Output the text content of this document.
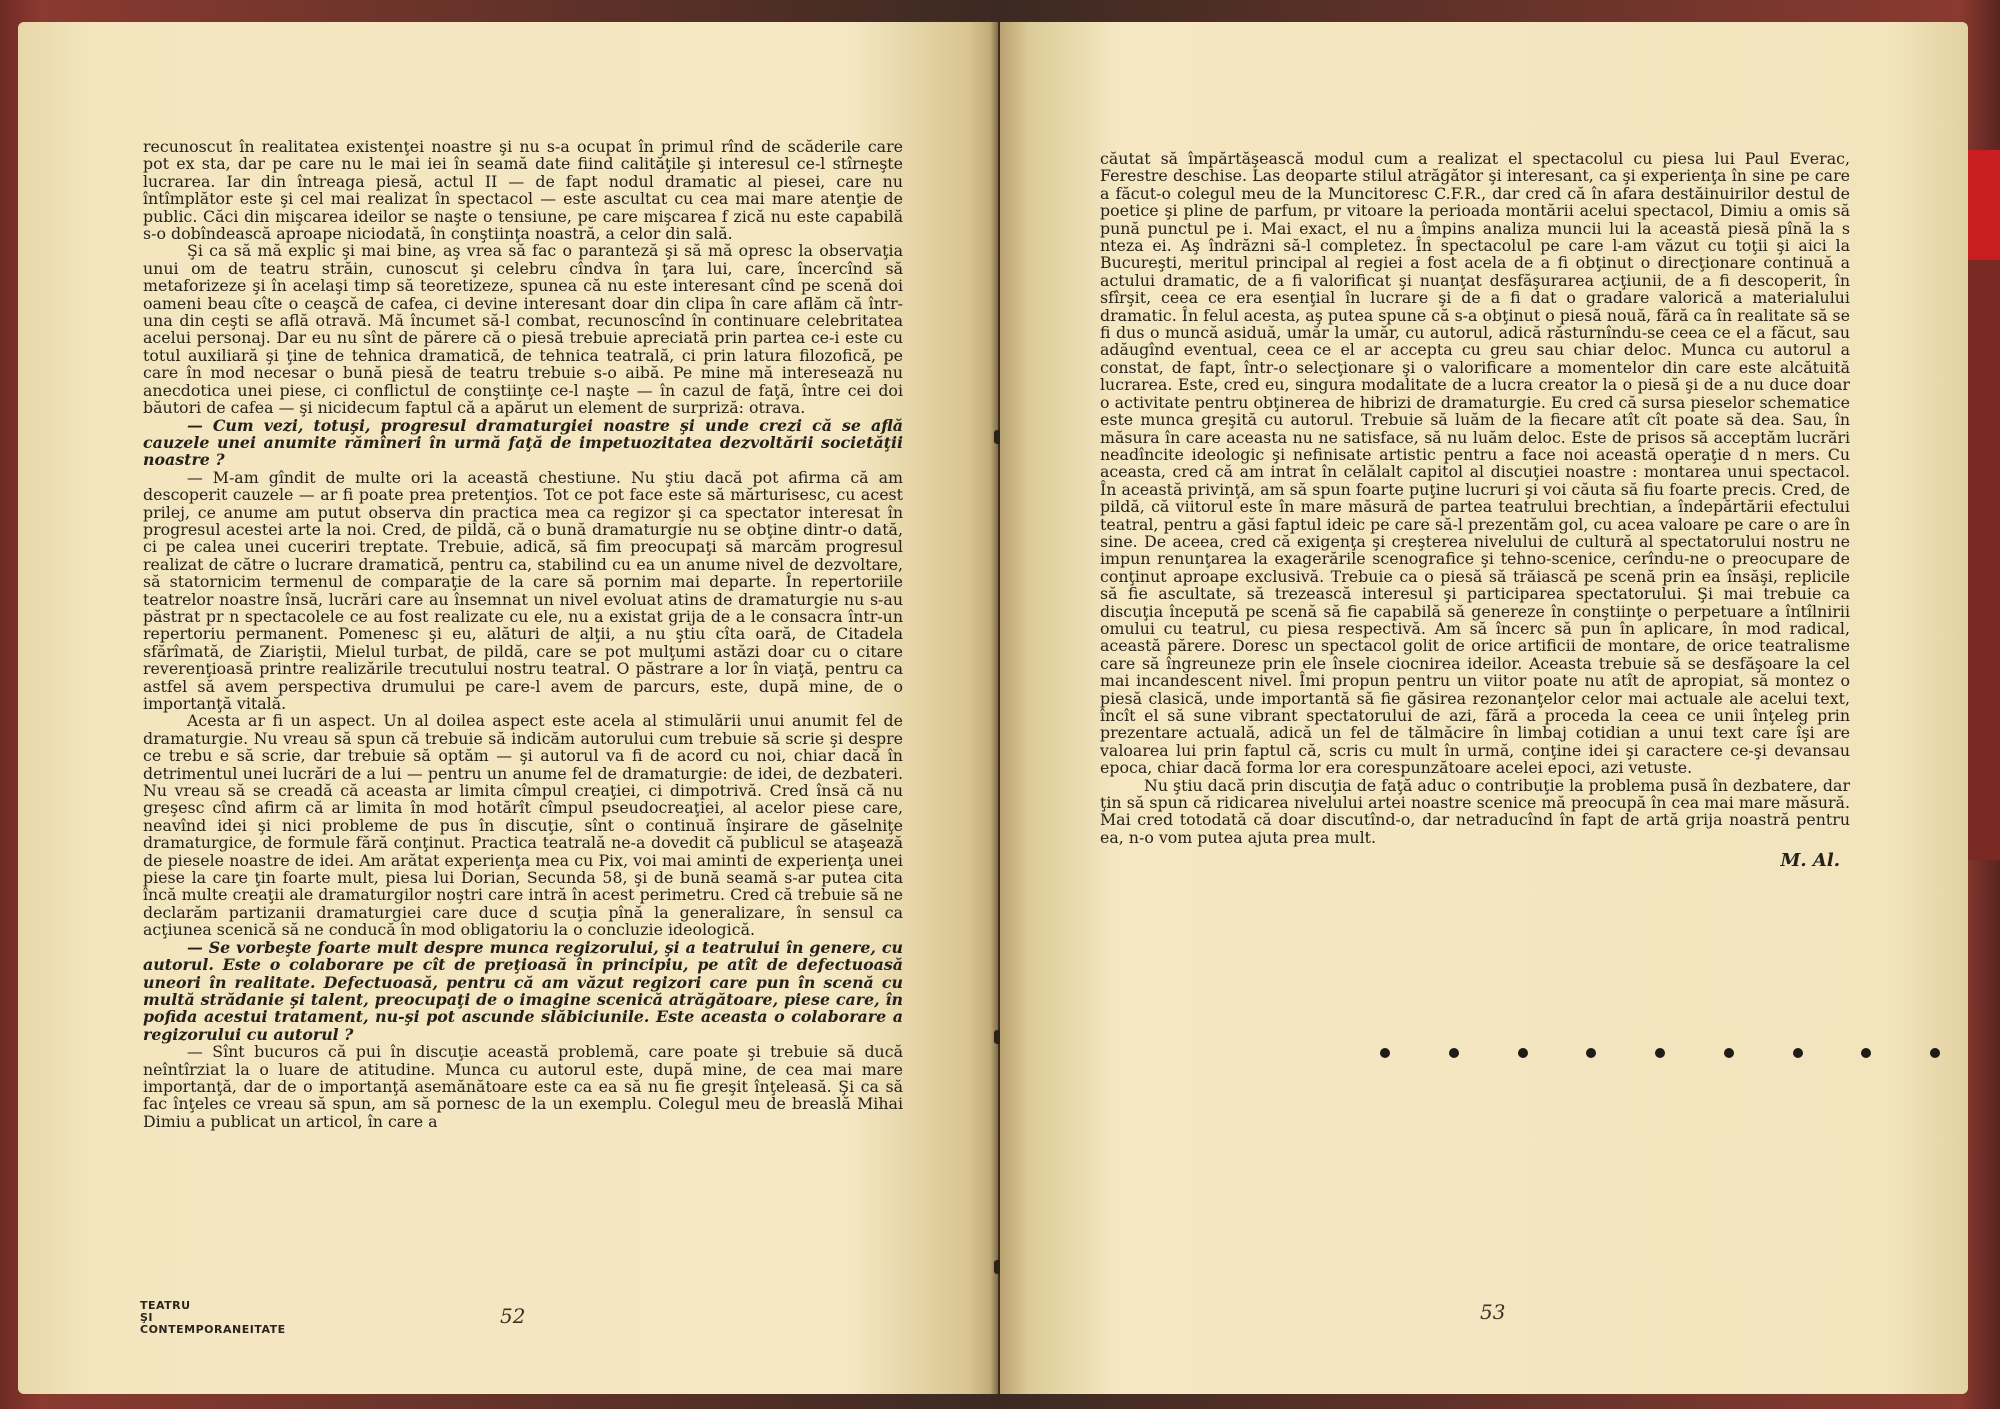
recunoscut în realitatea existenţei noastre şi nu s-a ocupat în primul rînd de scăderile care pot ex sta, dar pe care nu le mai iei în seamă date fiind calităţile şi interesul ce-l stîrneşte lucrarea. Iar din întreaga piesă, actul II — de fapt nodul dramatic al piesei, care nu întîmplător este şi cel mai realizat în spectacol — este ascultat cu cea mai mare atenţie de public. Căci din mişcarea ideilor se naşte o tensiune, pe care mişcarea f zică nu este capabilă s-o dobîndească aproape niciodată, în conştiinţa noastră, a celor din sală.

Şi ca să mă explic şi mai bine, aş vrea să fac o paranteză şi să mă opresc la observaţia unui om de teatru străin, cunoscut şi celebru cîndva în ţara lui, care, încercînd să metaforizeze şi în acelaşi timp să teoretizeze, spunea că nu este interesant cînd pe scenă doi oameni beau cîte o ceaşcă de cafea, ci devine interesant doar din clipa în care aflăm că într-una din ceşti se află otravă. Mă încumet să-l combat, recunoscînd în continuare celebritatea acelui personaj. Dar eu nu sînt de părere că o piesă trebuie apreciată prin partea ce-i este cu totul auxiliară şi ţine de tehnica dramatică, de tehnica teatrală, ci prin latura filozofică, pe care în mod necesar o bună piesă de teatru trebuie s-o aibă. Pe mine mă interesează nu anecdotica unei piese, ci conflictul de conştiinţe ce-l naşte — în cazul de faţă, între cei doi băutori de cafea — şi nicidecum faptul că a apărut un element de surpriză: otrava.

— Cum vezi, totuşi, progresul dramaturgiei noastre şi unde crezi că se află cauzele unei anumite rămîneri în urmă faţă de impetuozitatea dezvoltării societăţii noastre ?

— M-am gîndit de multe ori la această chestiune. Nu ştiu dacă pot afirma că am descoperit cauzele — ar fi poate prea pretenţios. Tot ce pot face este să mărturisesc, cu acest prilej, ce anume am putut observa din practica mea ca regizor şi ca spectator interesat în progresul acestei arte la noi. Cred, de pildă, că o bună dramaturgie nu se obţine dintr-o dată, ci pe calea unei cuceriri treptate. Trebuie, adică, să fim preocupaţi să marcăm progresul realizat de către o lucrare dramatică, pentru ca, stabilind cu ea un anume nivel de dezvoltare, să statornicim termenul de comparaţie de la care să pornim mai departe. În repertoriile teatrelor noastre însă, lucrări care au însemnat un nivel evoluat atins de dramaturgie nu s-au păstrat pr n spectacolele ce au fost realizate cu ele, nu a existat grija de a le consacra într-un repertoriu permanent. Pomenesc şi eu, alături de alţii, a nu ştiu cîta oară, de Citadela sfărîmată, de Ziariştii, Mielul turbat, de pildă, care se pot mulţumi astăzi doar cu o citare reverenţioasă printre realizările trecutului nostru teatral. O păstrare a lor în viaţă, pentru ca astfel să avem perspectiva drumului pe care-l avem de parcurs, este, după mine, de o importanţă vitală.

Acesta ar fi un aspect. Un al doilea aspect este acela al stimulării unui anumit fel de dramaturgie. Nu vreau să spun că trebuie să indicăm autorului cum trebuie să scrie şi despre ce trebu e să scrie, dar trebuie să optăm — şi autorul va fi de acord cu noi, chiar dacă în detrimentul unei lucrări de a lui — pentru un anume fel de dramaturgie: de idei, de dezbateri. Nu vreau să se creadă că aceasta ar limita cîmpul creaţiei, ci dimpotrivă. Cred însă că nu greşesc cînd afirm că ar limita în mod hotărît cîmpul pseudocreaţiei, al acelor piese care, neavînd idei şi nici probleme de pus în discuţie, sînt o continuă înşirare de găselniţe dramaturgice, de formule fără conţinut. Practica teatrală ne-a dovedit că publicul se ataşează de piesele noastre de idei. Am arătat experienţa mea cu Pix, voi mai aminti de experienţa unei piese la care ţin foarte mult, piesa lui Dorian, Secunda 58, şi de bună seamă s-ar putea cita încă multe creaţii ale dramaturgilor noştri care intră în acest perimetru. Cred că trebuie să ne declarăm partizanii dramaturgiei care duce d scuţia pînă la generalizare, în sensul ca acţiunea scenică să ne conducă în mod obligatoriu la o concluzie ideologică.

— Se vorbeşte foarte mult despre munca regizorului, şi a teatrului în genere, cu autorul. Este o colaborare pe cît de preţioasă în principiu, pe atît de defectuoasă uneori în realitate. Defectuoasă, pentru că am văzut regizori care pun în scenă cu multă strădanie şi talent, preocupaţi de o imagine scenică atrăgătoare, piese care, în pofida acestui tratament, nu-şi pot ascunde slăbiciunile. Este aceasta o colaborare a regizorului cu autorul ?

— Sînt bucuros că pui în discuţie această problemă, care poate şi trebuie să ducă neîntîrziat la o luare de atitudine. Munca cu autorul este, după mine, de cea mai mare importanţă, dar de o importanţă asemănătoare este ca ea să nu fie greşit înţeleasă. Şi ca să fac înţeles ce vreau să spun, am să pornesc de la un exemplu. Colegul meu de breaslă Mihai Dimiu a publicat un articol, în care a

TEATRU
ŞI
CONTEMPORANEITATE
52

căutat să împărtăşească modul cum a realizat el spectacolul cu piesa lui Paul Everac, Ferestre deschise. Las deoparte stilul atrăgător şi interesant, ca şi experienţa în sine pe care a făcut-o colegul meu de la Muncitoresc C.F.R., dar cred că în afara destăinuirilor destul de poetice şi pline de parfum, pr vitoare la perioada montării acelui spectacol, Dimiu a omis să pună punctul pe i. Mai exact, el nu a împins analiza muncii lui la această piesă pînă la s nteza ei. Aş îndrăzni să-l completez. În spectacolul pe care l-am văzut cu toţii şi aici la Bucureşti, meritul principal al regiei a fost acela de a fi obţinut o direcţionare continuă a actului dramatic, de a fi valorificat şi nuanţat desfăşurarea acţiunii, de a fi descoperit, în sfîrşit, ceea ce era esenţial în lucrare şi de a fi dat o gradare valorică a materialului dramatic. În felul acesta, aş putea spune că s-a obţinut o piesă nouă, fără ca în realitate să se fi dus o muncă asiduă, umăr la umăr, cu autorul, adică răsturnîndu-se ceea ce el a făcut, sau adăugînd eventual, ceea ce el ar accepta cu greu sau chiar deloc. Munca cu autorul a constat, de fapt, într-o selecţionare şi o valorificare a momentelor din care este alcătuită lucrarea. Este, cred eu, singura modalitate de a lucra creator la o piesă şi de a nu duce doar o activitate pentru obţinerea de hibrizi de dramaturgie. Eu cred că sursa pieselor schematice este munca greşită cu autorul. Trebuie să luăm de la fiecare atît cît poate să dea. Sau, în măsura în care aceasta nu ne satisface, să nu luăm deloc. Este de prisos să acceptăm lucrări neadîncite ideologic şi nefinisate artistic pentru a face noi această operaţie d n mers. Cu aceasta, cred că am intrat în celălalt capitol al discuţiei noastre : montarea unui spectacol. În această privinţă, am să spun foarte puţine lucruri şi voi căuta să fiu foarte precis. Cred, de pildă, că viitorul este în mare măsură de partea teatrului brechtian, a îndepărtării efectului teatral, pentru a găsi faptul ideic pe care să-l prezentăm gol, cu acea valoare pe care o are în sine. De aceea, cred că exigenţa şi creşterea nivelului de cultură al spectatorului nostru ne impun renunţarea la exagerările scenografice şi tehno-scenice, cerîndu-ne o preocupare de conţinut aproape exclusivă. Trebuie ca o piesă să trăiască pe scenă prin ea însăşi, replicile să fie ascultate, să trezească interesul şi participarea spectatorului. Şi mai trebuie ca discuţia începută pe scenă să fie capabilă să genereze în conştiinţe o perpetuare a întîlnirii omului cu teatrul, cu piesa respectivă. Am să încerc să pun în aplicare, în mod radical, această părere. Doresc un spectacol golit de orice artificii de montare, de orice teatralisme care să îngreuneze prin ele însele ciocnirea ideilor. Aceasta trebuie să se desfăşoare la cel mai incandescent nivel. Îmi propun pentru un viitor poate nu atît de apropiat, să montez o piesă clasică, unde importantă să fie găsirea rezonanţelor celor mai actuale ale acelui text, încît el să sune vibrant spectatorului de azi, fără a proceda la ceea ce unii înţeleg prin prezentare actuală, adică un fel de tălmăcire în limbaj cotidian a unui text care îşi are valoarea lui prin faptul că, scris cu mult în urmă, conţine idei şi caractere ce-şi devansau epoca, chiar dacă forma lor era corespunzătoare acelei epoci, azi vetuste.

Nu ştiu dacă prin discuţia de faţă aduc o contribuţie la problema pusă în dezbatere, dar ţin să spun că ridicarea nivelului artei noastre scenice mă preocupă în cea mai mare măsură. Mai cred totodată că doar discutînd-o, dar netraducînd în fapt de artă grija noastră pentru ea, n-o vom putea ajuta prea mult.

M. Al.

53
